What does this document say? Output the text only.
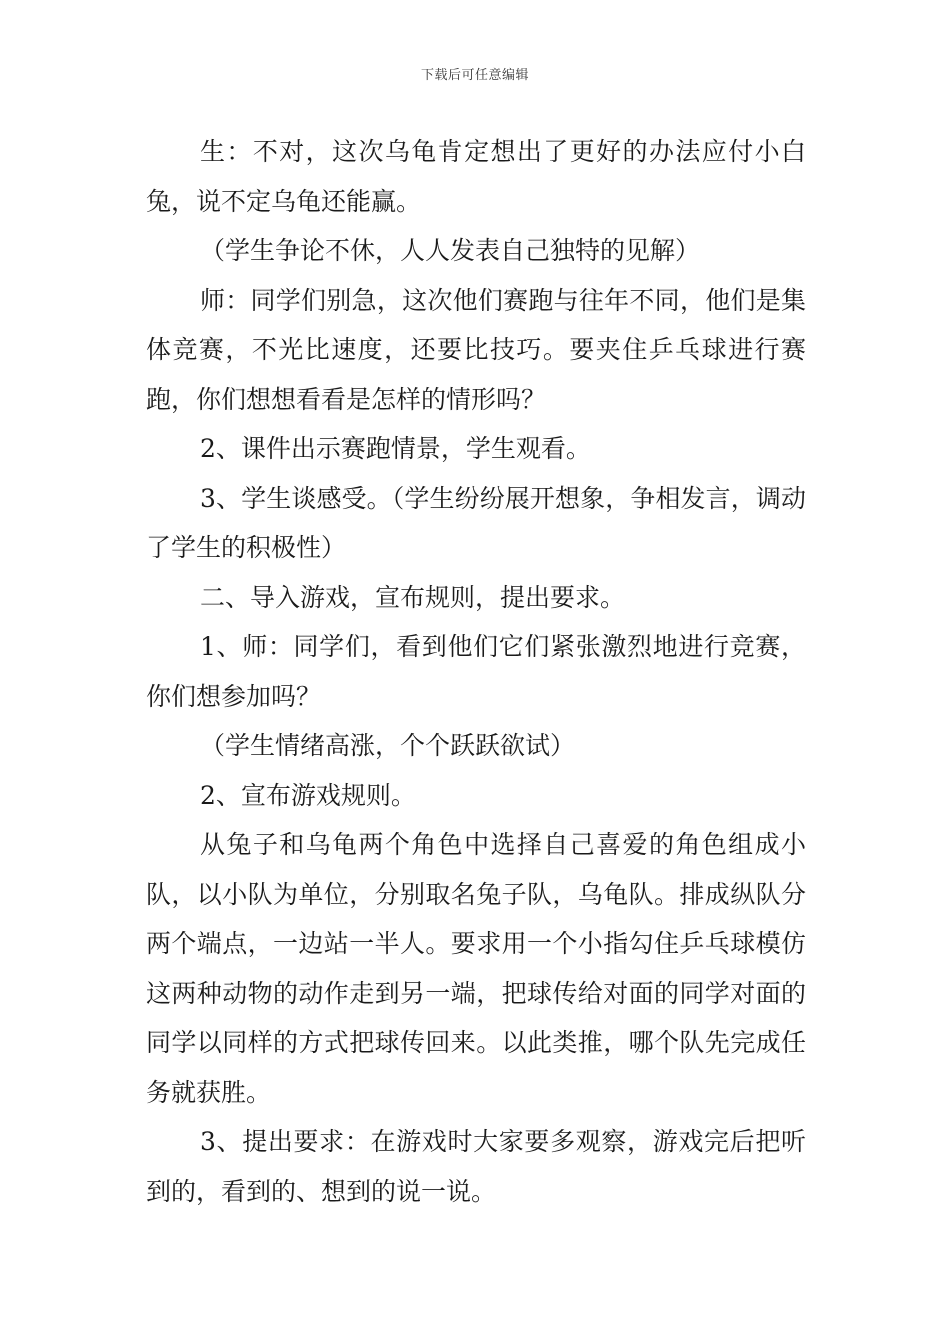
下载后可任意编辑

生：不对，这次乌龟肯定想出了更好的办法应付小白兔，说不定乌龟还能赢。

（学生争论不休，人人发表自己独特的见解）

师：同学们别急，这次他们赛跑与往年不同，他们是集体竞赛，不光比速度，还要比技巧。要夹住乒乓球进行赛跑，你们想想看看是怎样的情形吗？

2、课件出示赛跑情景，学生观看。

3、学生谈感受。（学生纷纷展开想象，争相发言，调动了学生的积极性）

二、导入游戏，宣布规则，提出要求。

1、师：同学们，看到他们它们紧张激烈地进行竞赛，你们想参加吗？

（学生情绪高涨，个个跃跃欲试）

2、宣布游戏规则。

从兔子和乌龟两个角色中选择自己喜爱的角色组成小队，以小队为单位，分别取名兔子队，乌龟队。排成纵队分两个端点，一边站一半人。要求用一个小指勾住乒乓球模仿这两种动物的动作走到另一端，把球传给对面的同学对面的同学以同样的方式把球传回来。以此类推，哪个队先完成任务就获胜。

3、提出要求：在游戏时大家要多观察，游戏完后把听到的，看到的、想到的说一说。
